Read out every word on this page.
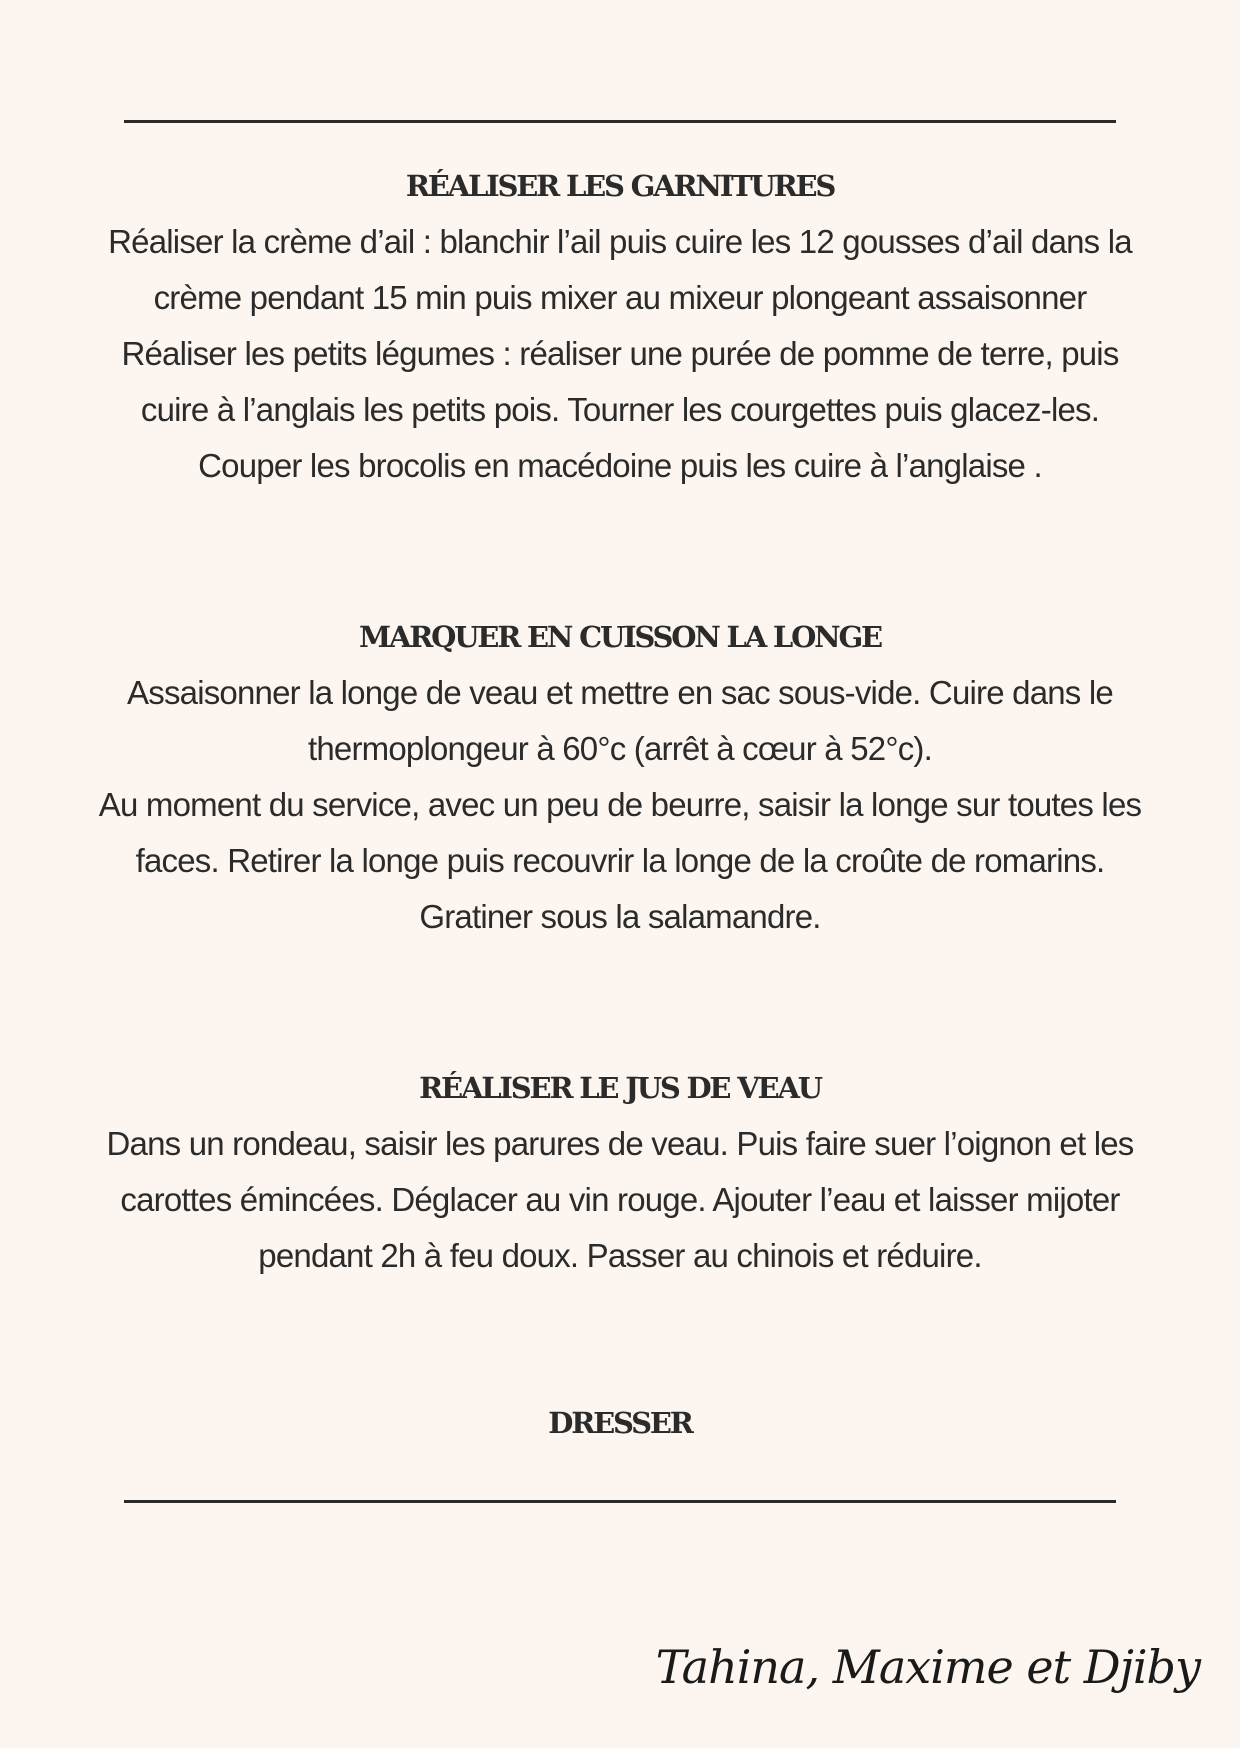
RÉALISER LES GARNITURES

Réaliser la crème d’ail : blanchir l’ail puis cuire les 12 gousses d’ail dans la crème pendant 15 min puis mixer au mixeur plongeant assaisonner

Réaliser les petits légumes : réaliser une purée de pomme de terre, puis cuire à l’anglais les petits pois. Tourner les courgettes puis glacez-les. Couper les brocolis en macédoine puis les cuire à l’anglaise .

MARQUER EN CUISSON LA LONGE

Assaisonner la longe de veau et mettre en sac sous-vide. Cuire dans le thermoplongeur à 60°c (arrêt à cœur à 52°c).

Au moment du service, avec un peu de beurre, saisir la longe sur toutes les faces. Retirer la longe puis recouvrir la longe de la croûte de romarins. Gratiner sous la salamandre.

RÉALISER LE JUS DE VEAU

Dans un rondeau, saisir les parures de veau. Puis faire suer l’oignon et les carottes émincées. Déglacer au vin rouge. Ajouter l’eau et laisser mijoter pendant 2h à feu doux. Passer au chinois et réduire.

DRESSER
Tahina, Maxime et Djiby
